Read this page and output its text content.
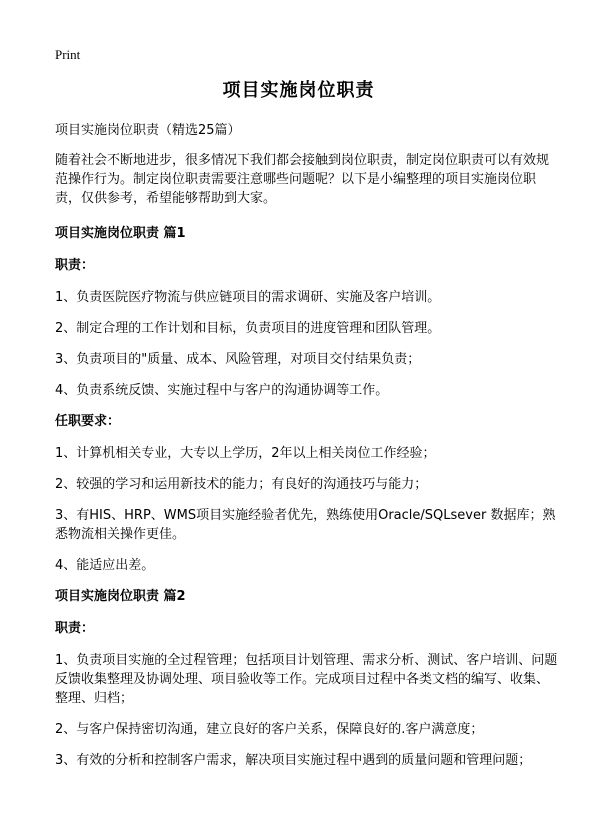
Print
项目实施岗位职责

项目实施岗位职责（精选25篇）

随着社会不断地进步，很多情况下我们都会接触到岗位职责，制定岗位职责可以有效规范操作行为。制定岗位职责需要注意哪些问题呢？以下是小编整理的项目实施岗位职责，仅供参考，希望能够帮助到大家。

项目实施岗位职责 篇1
职责：
1、负责医院医疗物流与供应链项目的需求调研、实施及客户培训。
2、制定合理的工作计划和目标，负责项目的进度管理和团队管理。
3、负责项目的"质量、成本、风险管理，对项目交付结果负责；
4、负责系统反馈、实施过程中与客户的沟通协调等工作。
任职要求：
1、计算机相关专业，大专以上学历，2年以上相关岗位工作经验；
2、较强的学习和运用新技术的能力；有良好的沟通技巧与能力；
3、有HIS、HRP、WMS项目实施经验者优先，熟练使用Oracle/SQLsever 数据库；熟悉物流相关操作更佳。
4、能适应出差。
项目实施岗位职责 篇2
职责：
1、负责项目实施的全过程管理；包括项目计划管理、需求分析、测试、客户培训、问题反馈收集整理及协调处理、项目验收等工作。完成项目过程中各类文档的编写、收集、整理、归档；
2、与客户保持密切沟通，建立良好的客户关系，保障良好的.客户满意度；
3、有效的分析和控制客户需求，解决项目实施过程中遇到的质量问题和管理问题；
